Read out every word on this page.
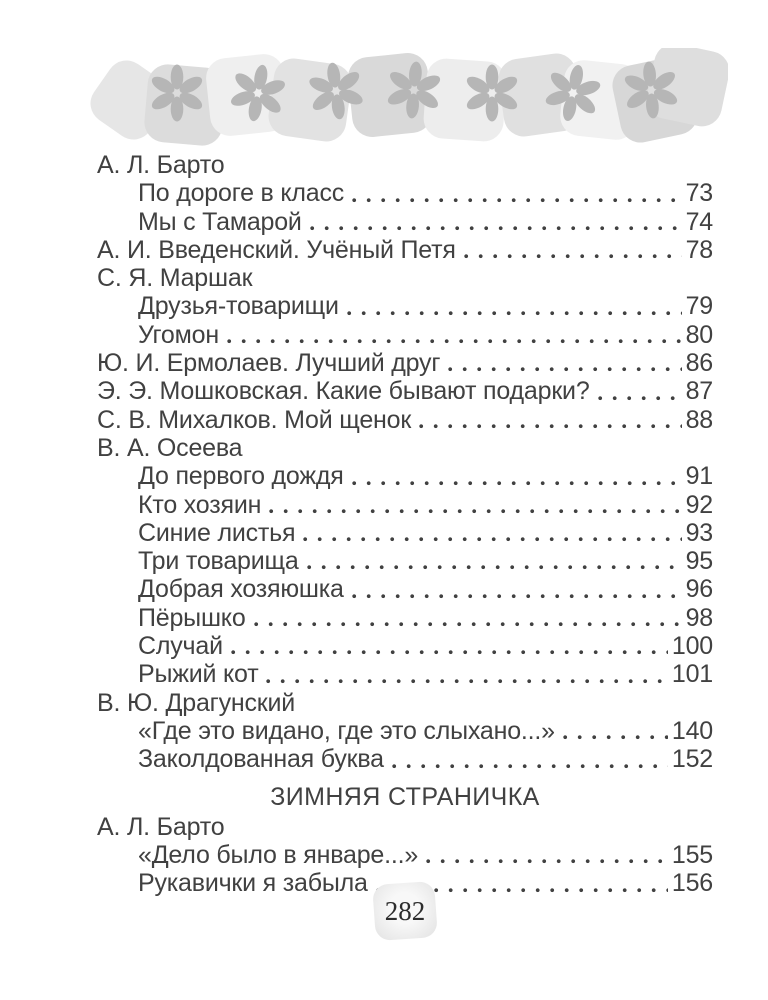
А. Л. Барто
По дороге в класс	73
Мы с Тамарой	74
А. И. Введенский. Учёный Петя	78
С. Я. Маршак
Друзья-товарищи	79
Угомон	80
Ю. И. Ермолаев. Лучший друг	86
Э. Э. Мошковская. Какие бывают подарки?	87
С. В. Михалков. Мой щенок	88
В. А. Осеева
До первого дождя	91
Кто хозяин	92
Синие листья	93
Три товарища	95
Добрая хозяюшка	96
Пёрышко	98
Случай	100
Рыжий кот	101
В. Ю. Драгунский
«Где это видано, где это слыхано...»	140
Заколдованная буква	152
ЗИМНЯЯ СТРАНИЧКА
А. Л. Барто
«Дело было в январе...»	155
Рукавички я забыла	156
282
